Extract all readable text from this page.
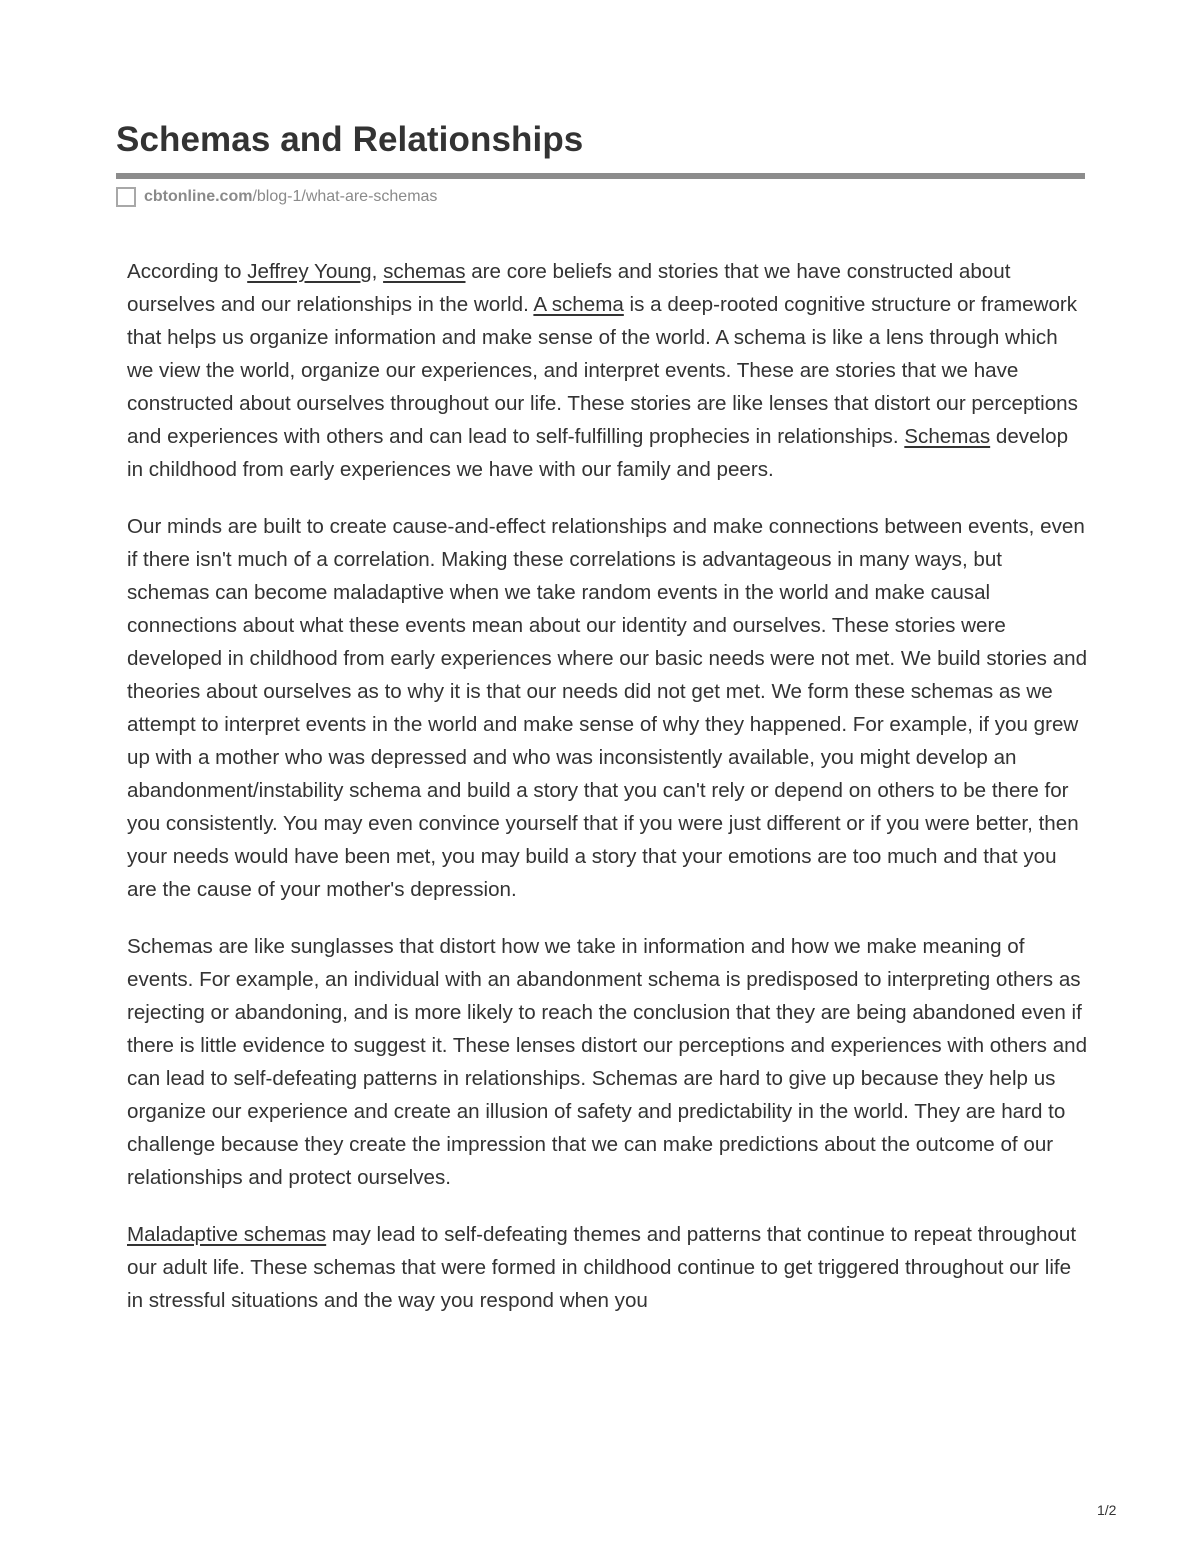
Schemas and Relationships
cbtonline.com/blog-1/what-are-schemas

According to Jeffrey Young, schemas are core beliefs and stories that we have constructed about ourselves and our relationships in the world. A schema is a deep-rooted cognitive structure or framework that helps us organize information and make sense of the world. A schema is like a lens through which we view the world, organize our experiences, and interpret events. These are stories that we have constructed about ourselves throughout our life. These stories are like lenses that distort our perceptions and experiences with others and can lead to self-fulfilling prophecies in relationships. Schemas develop in childhood from early experiences we have with our family and peers.

Our minds are built to create cause-and-effect relationships and make connections between events, even if there isn't much of a correlation. Making these correlations is advantageous in many ways, but schemas can become maladaptive when we take random events in the world and make causal connections about what these events mean about our identity and ourselves. These stories were developed in childhood from early experiences where our basic needs were not met. We build stories and theories about ourselves as to why it is that our needs did not get met. We form these schemas as we attempt to interpret events in the world and make sense of why they happened. For example, if you grew up with a mother who was depressed and who was inconsistently available, you might develop an abandonment/instability schema and build a story that you can't rely or depend on others to be there for you consistently. You may even convince yourself that if you were just different or if you were better, then your needs would have been met, you may build a story that your emotions are too much and that you are the cause of your mother's depression.

Schemas are like sunglasses that distort how we take in information and how we make meaning of events. For example, an individual with an abandonment schema is predisposed to interpreting others as rejecting or abandoning, and is more likely to reach the conclusion that they are being abandoned even if there is little evidence to suggest it. These lenses distort our perceptions and experiences with others and can lead to self-defeating patterns in relationships. Schemas are hard to give up because they help us organize our experience and create an illusion of safety and predictability in the world. They are hard to challenge because they create the impression that we can make predictions about the outcome of our relationships and protect ourselves.

Maladaptive schemas may lead to self-defeating themes and patterns that continue to repeat throughout our adult life. These schemas that were formed in childhood continue to get triggered throughout our life in stressful situations and the way you respond when you

1/2
